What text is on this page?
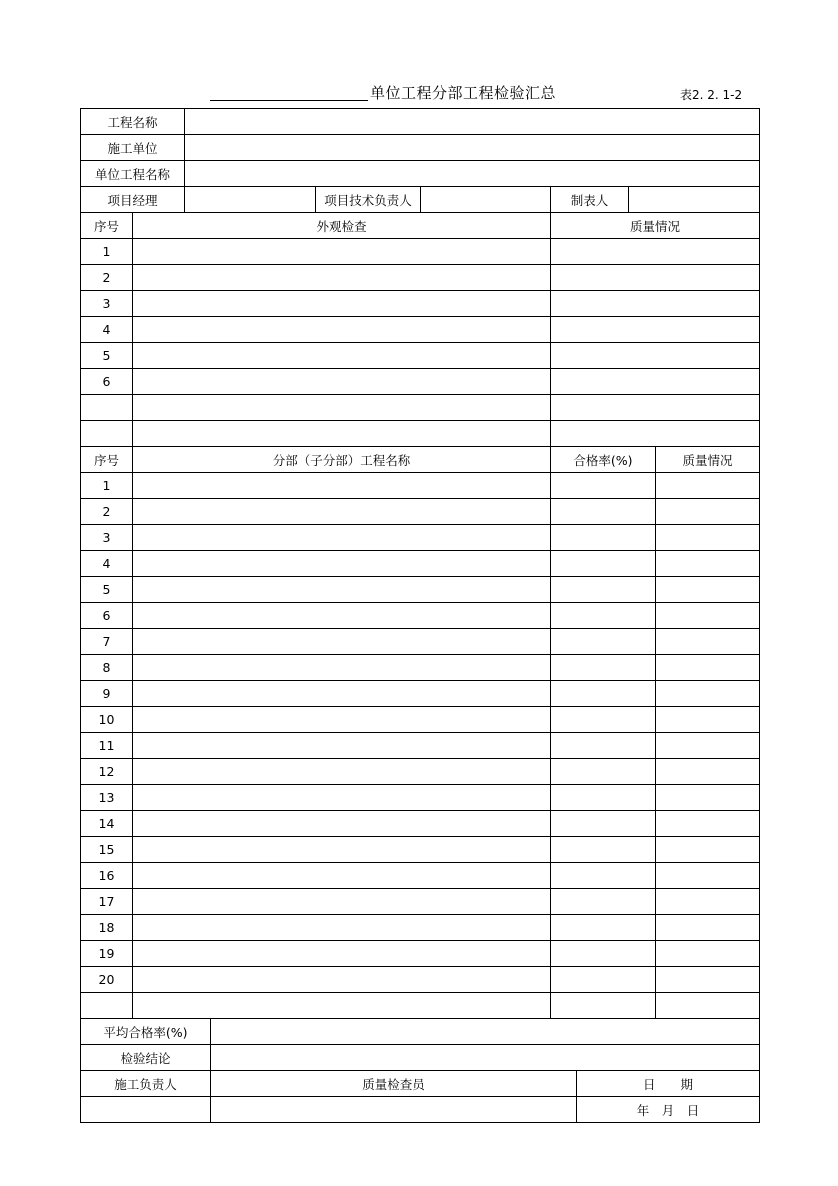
单位工程分部工程检验汇总	表2. 2. 1-2
工程名称					
施工单位					
单位工程名称					
项目经理		项目技术负责人		制表人	
序号	外观检查	质量情况	
1			
2			
3			
4			
5			
6			

序号	分部（子分部）工程名称	合格率(%)	质量情况
1			
2			
3			
4			
5			
6			
7			
8			
9			
10			
11			
12			
13			
14			
15			
16			
17			
18			
19			
20			

平均合格率(%)		
检验结论		
施工负责人	质量检查员	日　　期
		年　月　日
